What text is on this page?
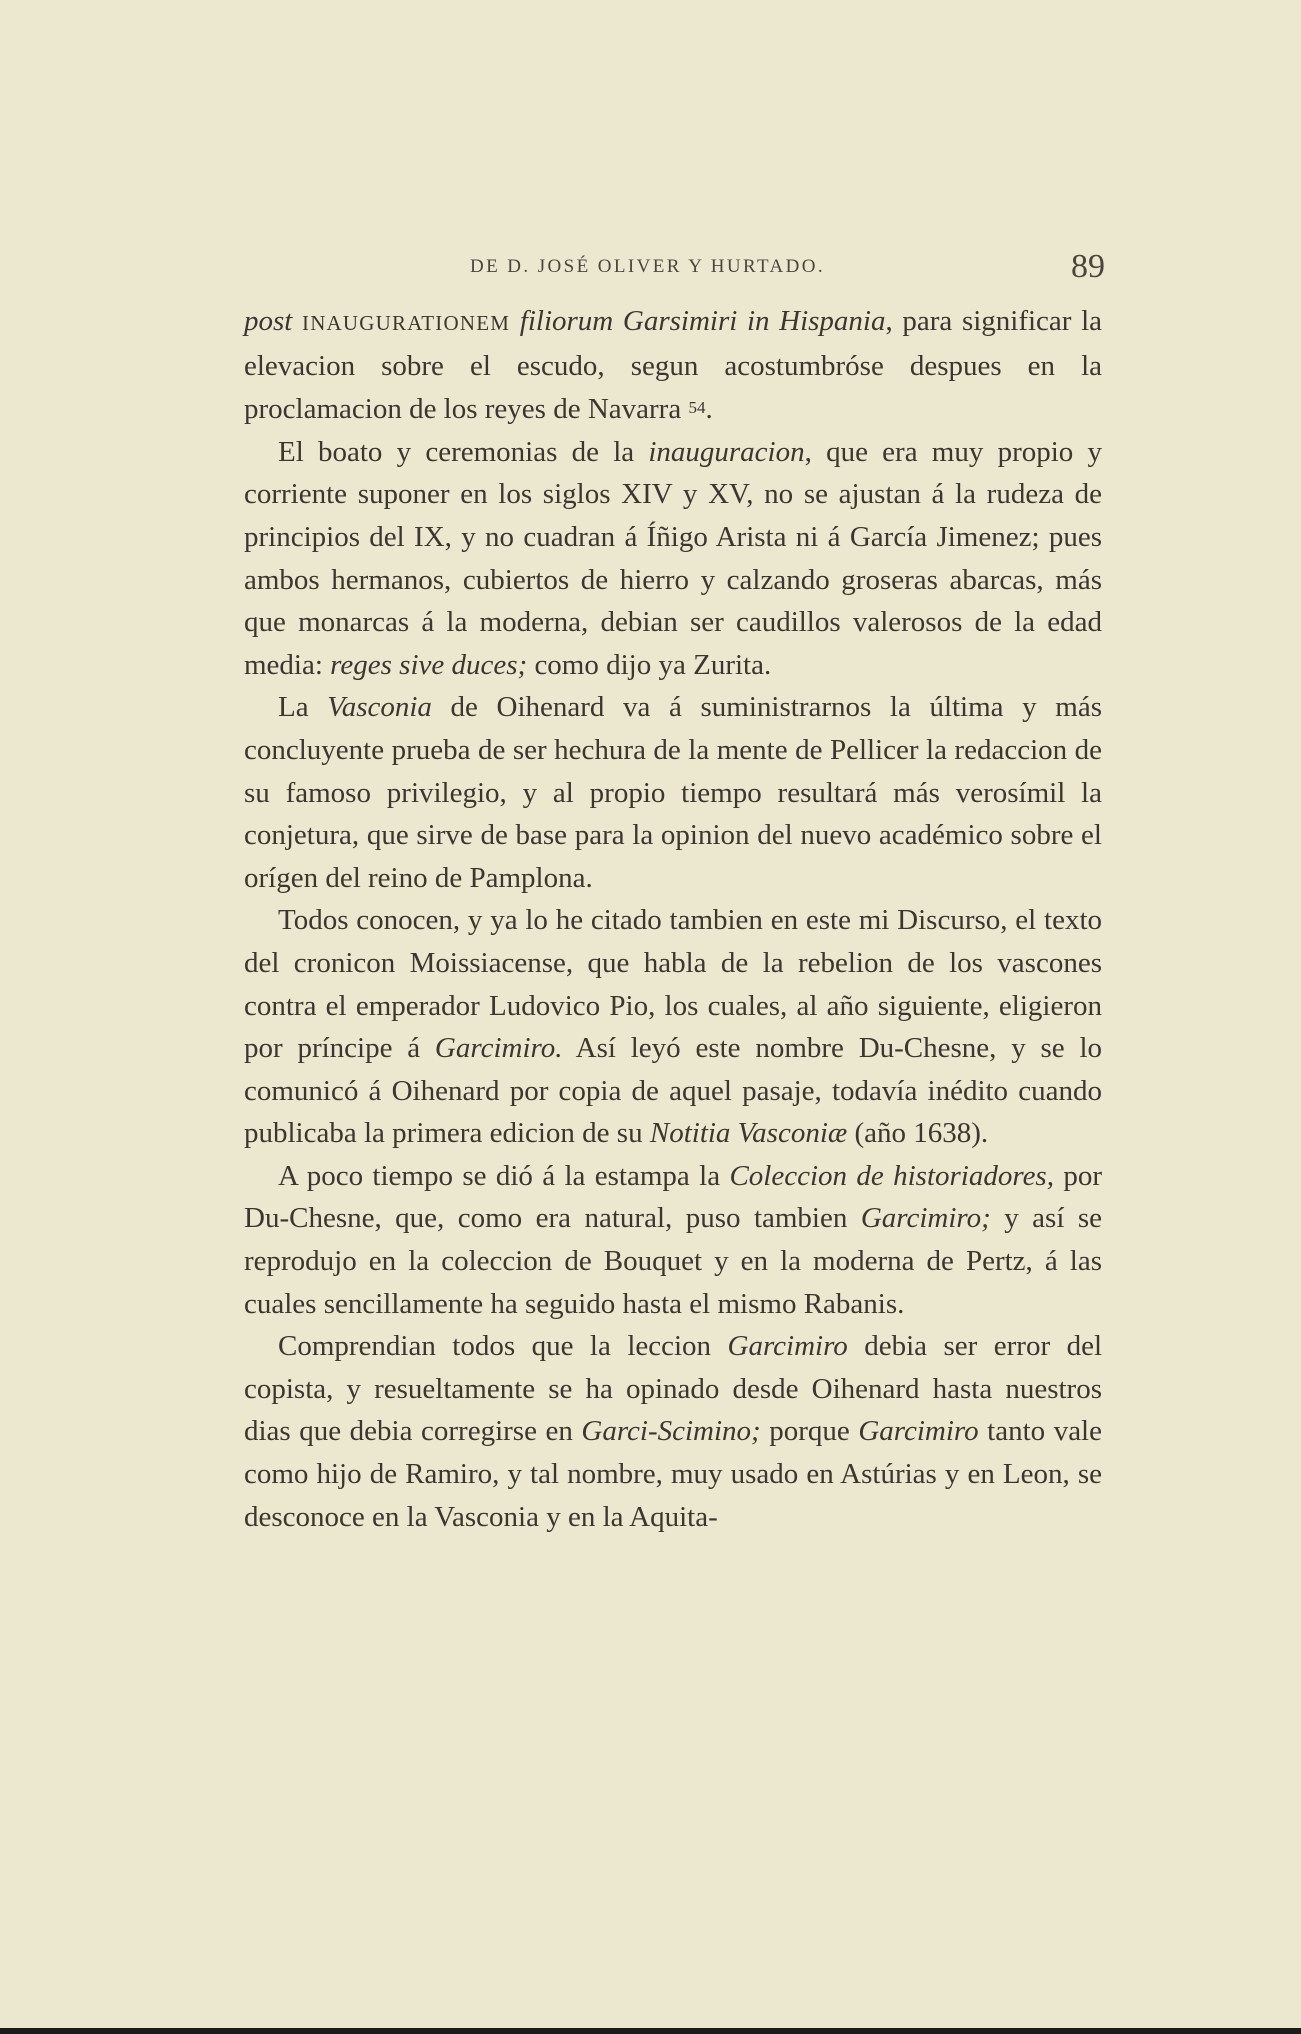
DE D. JOSÉ OLIVER Y HURTADO.	89

post INAUGURATIONEM filiorum Garsimiri in Hispania, para significar la elevacion sobre el escudo, segun acostumbróse despues en la proclamacion de los reyes de Navarra $^{54}$.

El boato y ceremonias de la inauguracion, que era muy propio y corriente suponer en los siglos XIV y XV, no se ajustan á la rudeza de principios del IX, y no cuadran á Íñigo Arista ni á García Jimenez; pues ambos hermanos, cubiertos de hierro y calzando groseras abarcas, más que monarcas á la moderna, debian ser caudillos valerosos de la edad media: reges sive duces; como dijo ya Zurita.

La Vasconia de Oihenard va á suministrarnos la última y más concluyente prueba de ser hechura de la mente de Pellicer la redaccion de su famoso privilegio, y al propio tiempo resultará más verosímil la conjetura, que sirve de base para la opinion del nuevo académico sobre el orígen del reino de Pamplona.

Todos conocen, y ya lo he citado tambien en este mi Discurso, el texto del cronicon Moissiacense, que habla de la rebelion de los vascones contra el emperador Ludovico Pio, los cuales, al año siguiente, eligieron por príncipe á Garcimiro. Así leyó este nombre Du-Chesne, y se lo comunicó á Oihenard por copia de aquel pasaje, todavía inédito cuando publicaba la primera edicion de su Notitia Vasconiæ (año 1638).

A poco tiempo se dió á la estampa la Coleccion de historiadores, por Du-Chesne, que, como era natural, puso tambien Garcimiro; y así se reprodujo en la coleccion de Bouquet y en la moderna de Pertz, á las cuales sencillamente ha seguido hasta el mismo Rabanis.

Comprendian todos que la leccion Garcimiro debia ser error del copista, y resueltamente se ha opinado desde Oihenard hasta nuestros dias que debia corregirse en Garci-Scimino; porque Garcimiro tanto vale como hijo de Ramiro, y tal nombre, muy usado en Astúrias y en Leon, se desconoce en la Vasconia y en la Aquita-
